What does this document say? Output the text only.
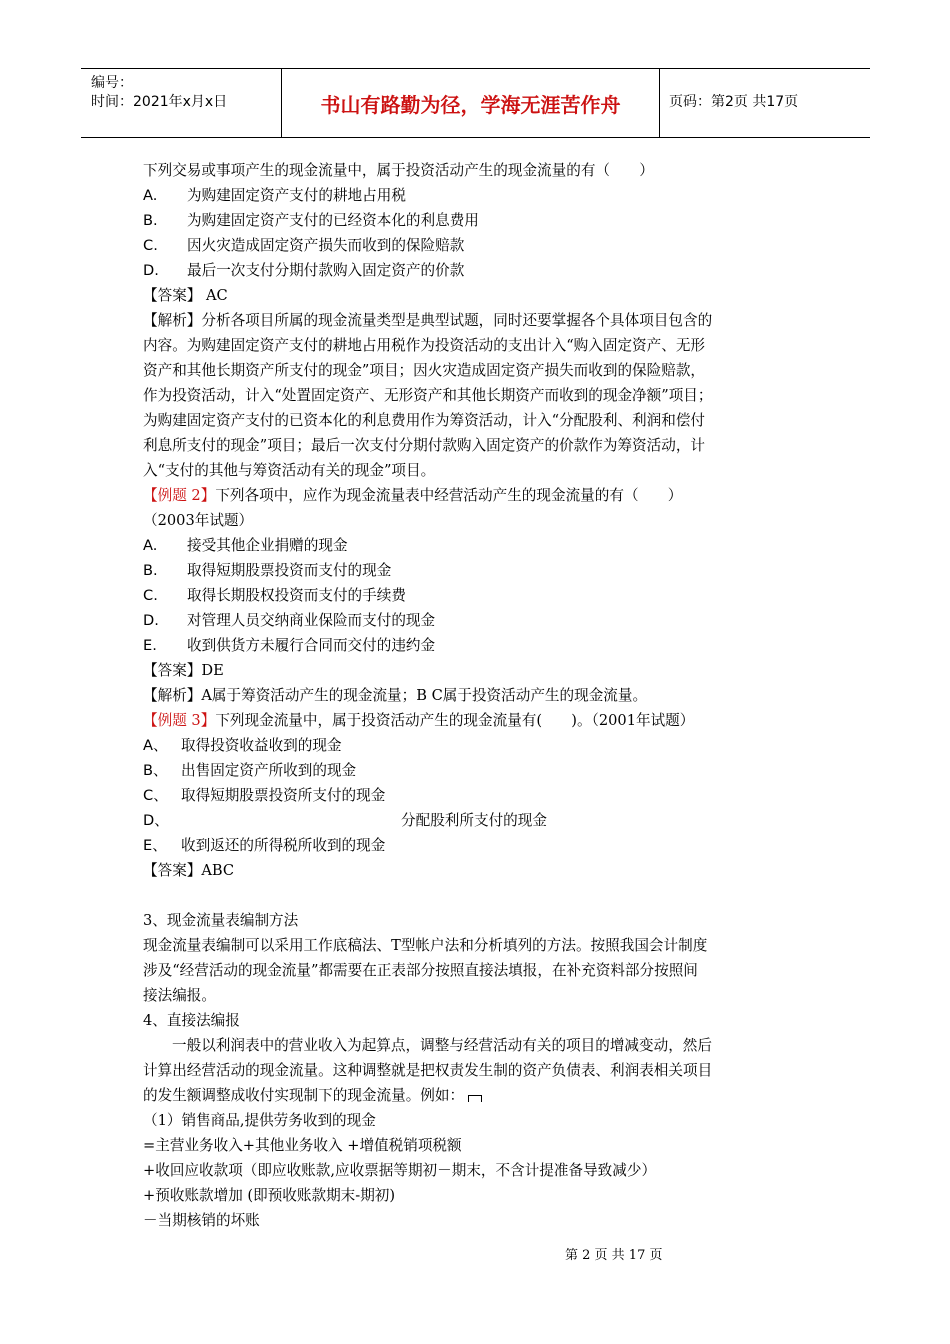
编号：
时间：2021年x月x日	书山有路勤为径，学海无涯苦作舟	页码：第2页 共17页
下列交易或事项产生的现金流量中，属于投资活动产生的现金流量的有（　　）
A. 为购建固定资产支付的耕地占用税
B. 为购建固定资产支付的已经资本化的利息费用
C. 因火灾造成固定资产损失而收到的保险赔款
D. 最后一次支付分期付款购入固定资产的价款
【答案】 AC
【解析】分析各项目所属的现金流量类型是典型试题，同时还要掌握各个具体项目包含的
内容。为购建固定资产支付的耕地占用税作为投资活动的支出计入“购入固定资产、无形
资产和其他长期资产所支付的现金”项目；因火灾造成固定资产损失而收到的保险赔款，
作为投资活动，计入“处置固定资产、无形资产和其他长期资产而收到的现金净额”项目；
为购建固定资产支付的已资本化的利息费用作为筹资活动，计入“分配股利、利润和偿付
利息所支付的现金”项目；最后一次支付分期付款购入固定资产的价款作为筹资活动，计
入“支付的其他与筹资活动有关的现金”项目。
【例题 2】下列各项中，应作为现金流量表中经营活动产生的现金流量的有（　　）
（2003年试题）
A. 接受其他企业捐赠的现金
B. 取得短期股票投资而支付的现金
C. 取得长期股权投资而支付的手续费
D. 对管理人员交纳商业保险而支付的现金
E. 收到供货方未履行合同而交付的违约金
【答案】DE
【解析】A属于筹资活动产生的现金流量；B C属于投资活动产生的现金流量。
【例题 3】下列现金流量中，属于投资活动产生的现金流量有(　　)。（2001年试题）
A、 取得投资收益收到的现金
B、 出售固定资产所收到的现金
C、 取得短期股票投资所支付的现金
D、	分配股利所支付的现金
E、 收到返还的所得税所收到的现金
【答案】ABC
3、现金流量表编制方法
现金流量表编制可以采用工作底稿法、T型帐户法和分析填列的方法。按照我国会计制度
涉及“经营活动的现金流量”都需要在正表部分按照直接法填报，在补充资料部分按照间
接法编报。
4、直接法编报
一般以利润表中的营业收入为起算点，调整与经营活动有关的项目的增减变动，然后
计算出经营活动的现金流量。这种调整就是把权责发生制的资产负债表、利润表相关项目
的发生额调整成收付实现制下的现金流量。例如：
（1）销售商品,提供劳务收到的现金
=主营业务收入+其他业务收入 +增值税销项税额
+收回应收款项（即应收账款,应收票据等期初－期末，不含计提准备导致减少）
+预收账款增加 (即预收账款期末-期初)
－当期核销的坏账
第 2 页 共 17 页
